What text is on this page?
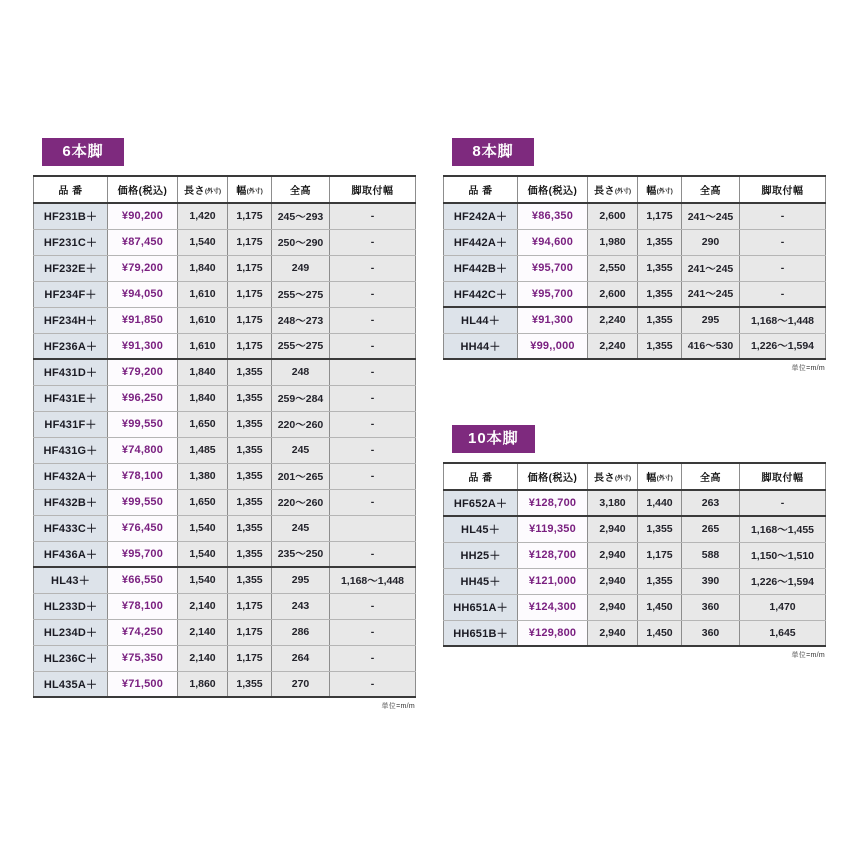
6本脚
品 番	価格(税込)	長さ(外寸)	幅(外寸)	全高	脚取付幅
HF231B＋	¥90,200	1,420	1,175	245〜293	-
HF231C＋	¥87,450	1,540	1,175	250〜290	-
HF232E＋	¥79,200	1,840	1,175	249	-
HF234F＋	¥94,050	1,610	1,175	255〜275	-
HF234H＋	¥91,850	1,610	1,175	248〜273	-
HF236A＋	¥91,300	1,610	1,175	255〜275	-
HF431D＋	¥79,200	1,840	1,355	248	-
HF431E＋	¥96,250	1,840	1,355	259〜284	-
HF431F＋	¥99,550	1,650	1,355	220〜260	-
HF431G＋	¥74,800	1,485	1,355	245	-
HF432A＋	¥78,100	1,380	1,355	201〜265	-
HF432B＋	¥99,550	1,650	1,355	220〜260	-
HF433C＋	¥76,450	1,540	1,355	245	
HF436A＋	¥95,700	1,540	1,355	235〜250	-
HL43＋	¥66,550	1,540	1,355	295	1,168〜1,448
HL233D＋	¥78,100	2,140	1,175	243	-
HL234D＋	¥74,250	2,140	1,175	286	-
HL236C＋	¥75,350	2,140	1,175	264	-
HL435A＋	¥71,500	1,860	1,355	270	-
単位=m/m
8本脚
品 番	価格(税込)	長さ(外寸)	幅(外寸)	全高	脚取付幅
HF242A＋	¥86,350	2,600	1,175	241〜245	-
HF442A＋	¥94,600	1,980	1,355	290	-
HF442B＋	¥95,700	2,550	1,355	241〜245	-
HF442C＋	¥95,700	2,600	1,355	241〜245	-
HL44＋	¥91,300	2,240	1,355	295	1,168〜1,448
HH44＋	¥99,,000	2,240	1,355	416〜530	1,226〜1,594
単位=m/m
10本脚
品 番	価格(税込)	長さ(外寸)	幅(外寸)	全高	脚取付幅
HF652A＋	¥128,700	3,180	1,440	263	-
HL45＋	¥119,350	2,940	1,355	265	1,168〜1,455
HH25＋	¥128,700	2,940	1,175	588	1,150〜1,510
HH45＋	¥121,000	2,940	1,355	390	1,226〜1,594
HH651A＋	¥124,300	2,940	1,450	360	1,470
HH651B＋	¥129,800	2,940	1,450	360	1,645
単位=m/m
